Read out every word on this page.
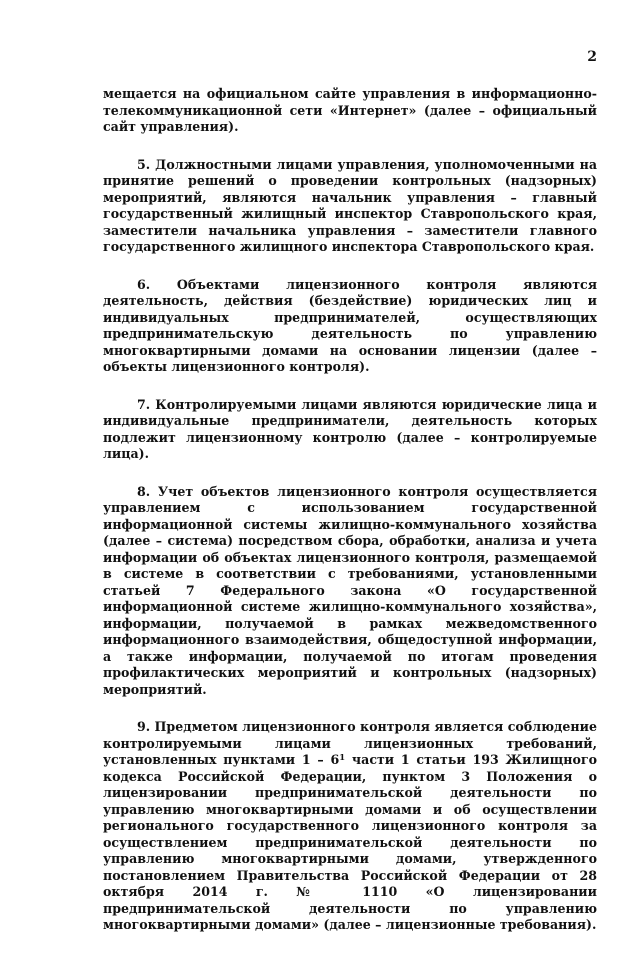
2

мещается на официальном сайте управления в информационно-телекоммуникационной сети «Интернет» (далее – официальный сайт управления).

5. Должностными лицами управления, уполномоченными на принятие решений о проведении контрольных (надзорных) мероприятий, являются начальник управления – главный государственный жилищный инспектор Ставропольского края, заместители начальника управления – заместители главного государственного жилищного инспектора Ставропольского края.

6. Объектами лицензионного контроля являются деятельность, действия (бездействие) юридических лиц и индивидуальных предпринимателей, осуществляющих предпринимательскую деятельность по управлению многоквартирными домами на основании лицензии (далее – объекты лицензионного контроля).

7. Контролируемыми лицами являются юридические лица и индивидуальные предприниматели, деятельность которых подлежит лицензионному контролю (далее – контролируемые лица).

8. Учет объектов лицензионного контроля осуществляется управлением с использованием государственной информационной системы жилищно-коммунального хозяйства (далее – система) посредством сбора, обработки, анализа и учета информации об объектах лицензионного контроля, размещаемой в системе в соответствии с требованиями, установленными статьей 7 Федерального закона «О государственной информационной системе жилищно-коммунального хозяйства», информации, получаемой в рамках межведомственного информационного взаимодействия, общедоступной информации, а также информации, получаемой по итогам проведения профилактических мероприятий и контрольных (надзорных) мероприятий.

9. Предметом лицензионного контроля является соблюдение контролируемыми лицами лицензионных требований, установленных пунктами $1 - 6^1$ части 1 статьи 193 Жилищного кодекса Российской Федерации, пунктом 3 Положения о лицензировании предпринимательской деятельности по управлению многоквартирными домами и об осуществлении регионального государственного лицензионного контроля за осуществлением предпринимательской деятельности по управлению многоквартирными домами, утвержденного постановлением Правительства Российской Федерации от 28 октября 2014 г. № 1110 «О лицензировании предпринимательской деятельности по управлению многоквартирными домами» (далее – лицензионные требования).
